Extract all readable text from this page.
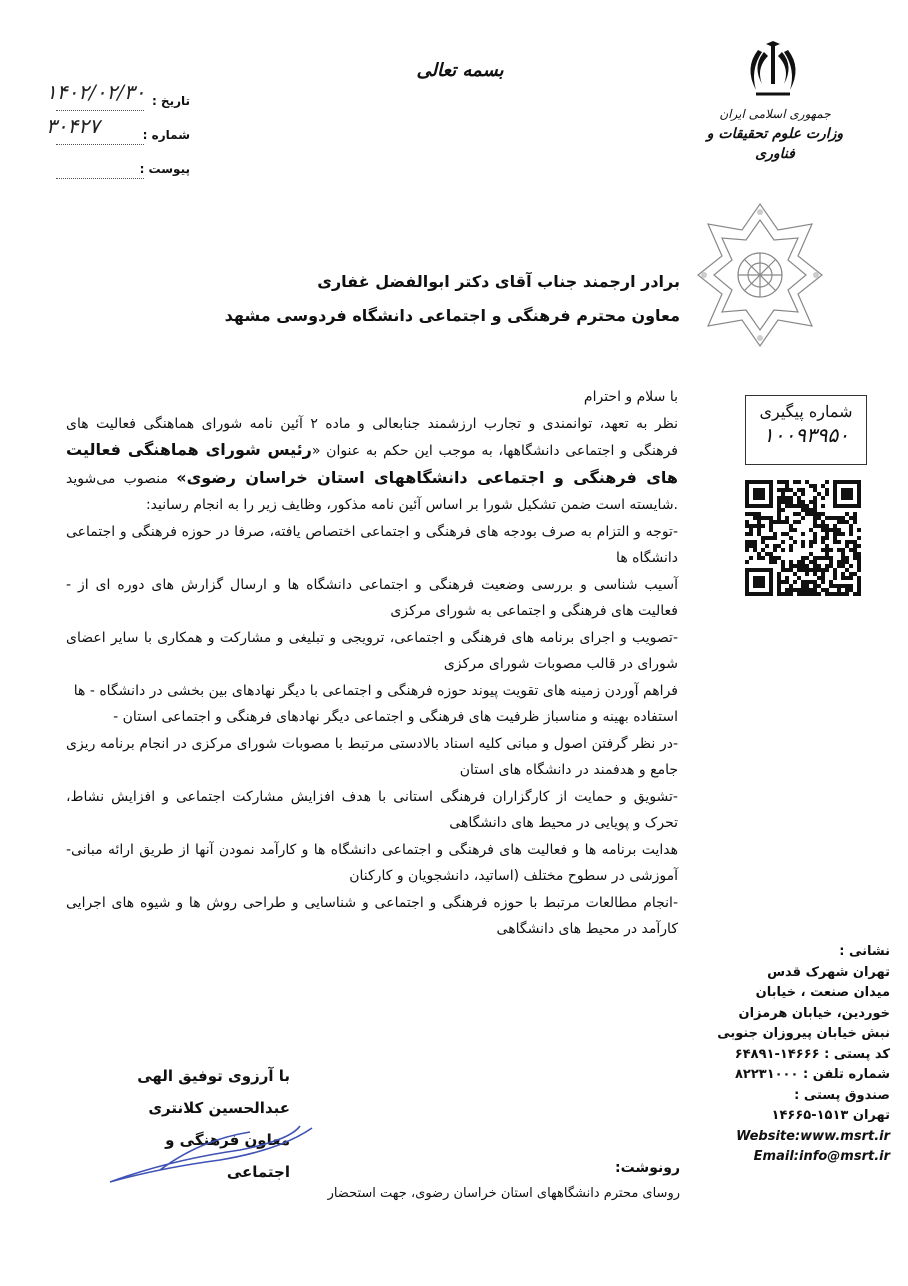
بسمه تعالی
تاریخ :
۱۴۰۲/۰۲/۳۰
شماره :
۳۰۴۲۷
پیوست :
جمهوری اسلامی ایران
وزارت علوم تحقیقات و فناوری
برادر ارجمند جناب آقای دکتر ابوالفضل غفاری
معاون محترم فرهنگی و اجتماعی دانشگاه فردوسی مشهد
شماره پیگیری
۱۰۰۹۳۹۵۰

با سلام و احترام

نظر به تعهد، توانمندی و تجارب ارزشمند جنابعالی و ماده ۲ آئین نامه شورای هماهنگی فعالیت های فرهنگی و اجتماعی دانشگاهها، به موجب این حکم به عنوان «رئیس شورای هماهنگی فعالیت های فرهنگی و اجتماعی دانشگاههای استان خراسان رضوی» منصوب می‌شوید .شایسته است ضمن تشکیل شورا بر اساس آئین نامه مذکور، وظایف زیر را به انجام رسانید:

-توجه و التزام به صرف بودجه های فرهنگی و اجتماعی اختصاص یافته، صرفا در حوزه فرهنگی و اجتماعی دانشگاه ها

آسیب شناسی و بررسی وضعیت فرهنگی و اجتماعی دانشگاه ها و ارسال گزارش های دوره ای از - فعالیت های فرهنگی و اجتماعی به شورای مرکزی

-تصویب و اجرای برنامه های فرهنگی و اجتماعی، ترویجی و تبلیغی و مشارکت و همکاری با سایر اعضای شورای در قالب مصوبات شورای مرکزی

فراهم آوردن زمینه های تقویت پیوند حوزه فرهنگی و اجتماعی با دیگر نهادهای بین بخشی در دانشگاه - ها

استفاده بهینه و مناسباز ظرفیت های فرهنگی و اجتماعی دیگر نهادهای فرهنگی و اجتماعی استان -

-در نظر گرفتن اصول و مبانی کلیه اسناد بالادستی مرتبط با مصوبات شورای مرکزی در انجام برنامه ریزی جامع و هدفمند در دانشگاه های استان

-تشویق و حمایت از کارگزاران فرهنگی استانی با هدف افزایش مشارکت اجتماعی و افزایش نشاط، تحرک و پویایی در محیط های دانشگاهی

هدایت برنامه ها و فعالیت های فرهنگی و اجتماعی دانشگاه ها و کارآمد نمودن آنها از طریق ارائه مبانی- آموزشی در سطوح مختلف (اساتید، دانشجویان و کارکنان

-انجام مطالعات مرتبط با حوزه فرهنگی و اجتماعی و شناسایی و طراحی روش ها و شیوه های اجرایی کارآمد در محیط های دانشگاهی

نشانی :
تهران شهرک قدس
میدان صنعت ، خیابان
خوردین، خیابان هرمزان
نبش خیابان پیروزان جنوبی
کد پستی : ۱۴۶۶۶-۶۴۸۹۱
شماره تلفن : ۸۲۲۳۱۰۰۰
صندوق پستی :
تهران ۱۵۱۳-۱۴۶۶۵
Website:www.msrt.ir
Email:info@msrt.ir
با آرزوی توفیق الهی
عبدالحسین کلانتری
معاون فرهنگی و اجتماعی	رونوشت:
روسای محترم دانشگاههای استان خراسان رضوی، جهت استحضار
